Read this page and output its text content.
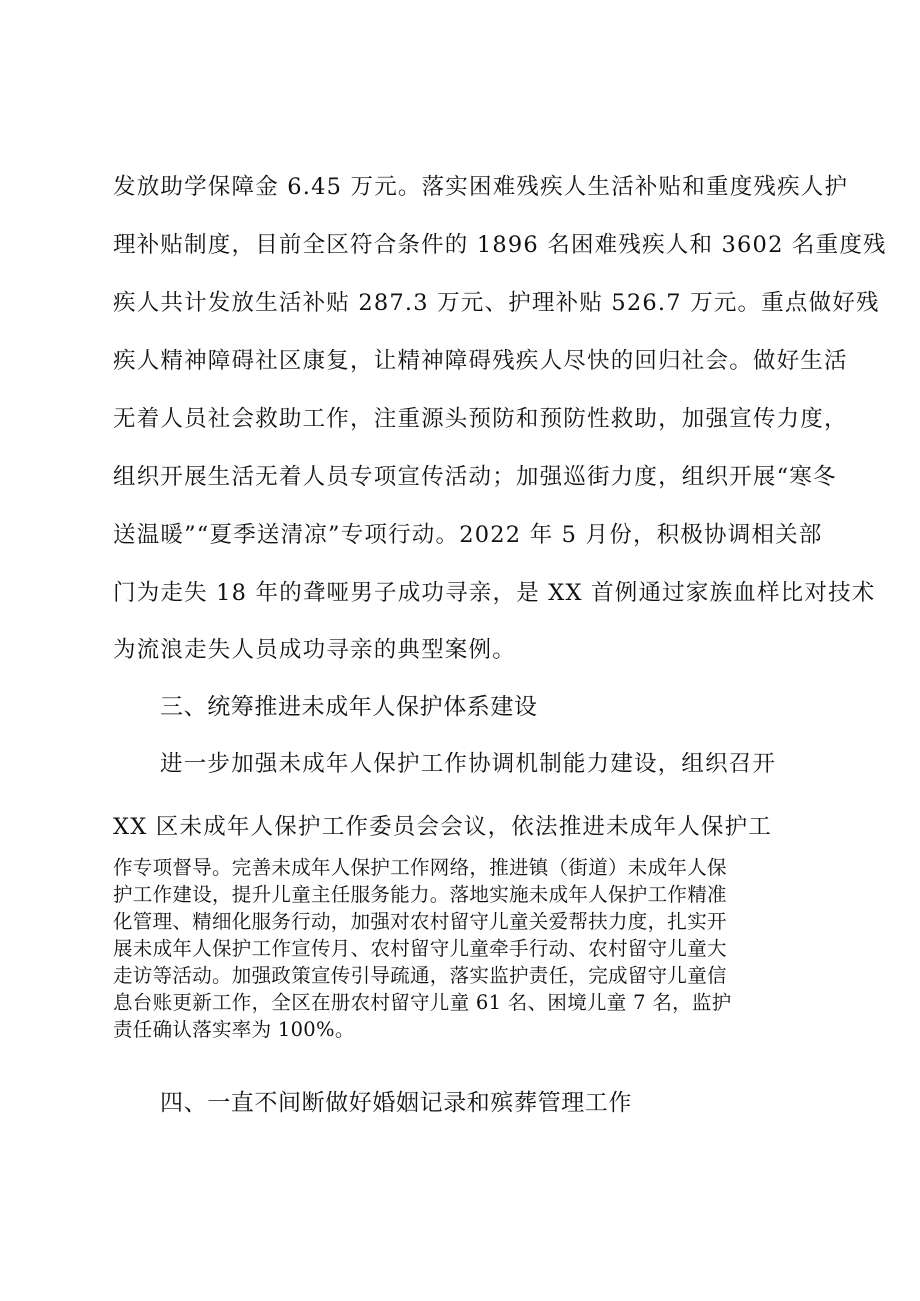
发放助学保障金 6.45 万元。落实困难残疾人生活补贴和重度残疾人护
理补贴制度，目前全区符合条件的 1896 名困难残疾人和 3602 名重度残
疾人共计发放生活补贴 287.3 万元、护理补贴 526.7 万元。重点做好残
疾人精神障碍社区康复，让精神障碍残疾人尽快的回归社会。做好生活
无着人员社会救助工作，注重源头预防和预防性救助，加强宣传力度，
组织开展生活无着人员专项宣传活动；加强巡街力度，组织开展“寒冬
送温暖”“夏季送清凉”专项行动。2022 年 5 月份，积极协调相关部
门为走失 18 年的聋哑男子成功寻亲，是 XX 首例通过家族血样比对技术
为流浪走失人员成功寻亲的典型案例。
三、统筹推进未成年人保护体系建设
进一步加强未成年人保护工作协调机制能力建设，组织召开
XX 区未成年人保护工作委员会会议，依法推进未成年人保护工
作专项督导。完善未成年人保护工作网络，推进镇（街道）未成年人保
护工作建设，提升儿童主任服务能力。落地实施未成年人保护工作精准
化管理、精细化服务行动，加强对农村留守儿童关爱帮扶力度，扎实开
展未成年人保护工作宣传月、农村留守儿童牵手行动、农村留守儿童大
走访等活动。加强政策宣传引导疏通，落实监护责任，完成留守儿童信
息台账更新工作，全区在册农村留守儿童 61 名、困境儿童 7 名，监护
责任确认落实率为 100%。
四、一直不间断做好婚姻记录和殡葬管理工作
